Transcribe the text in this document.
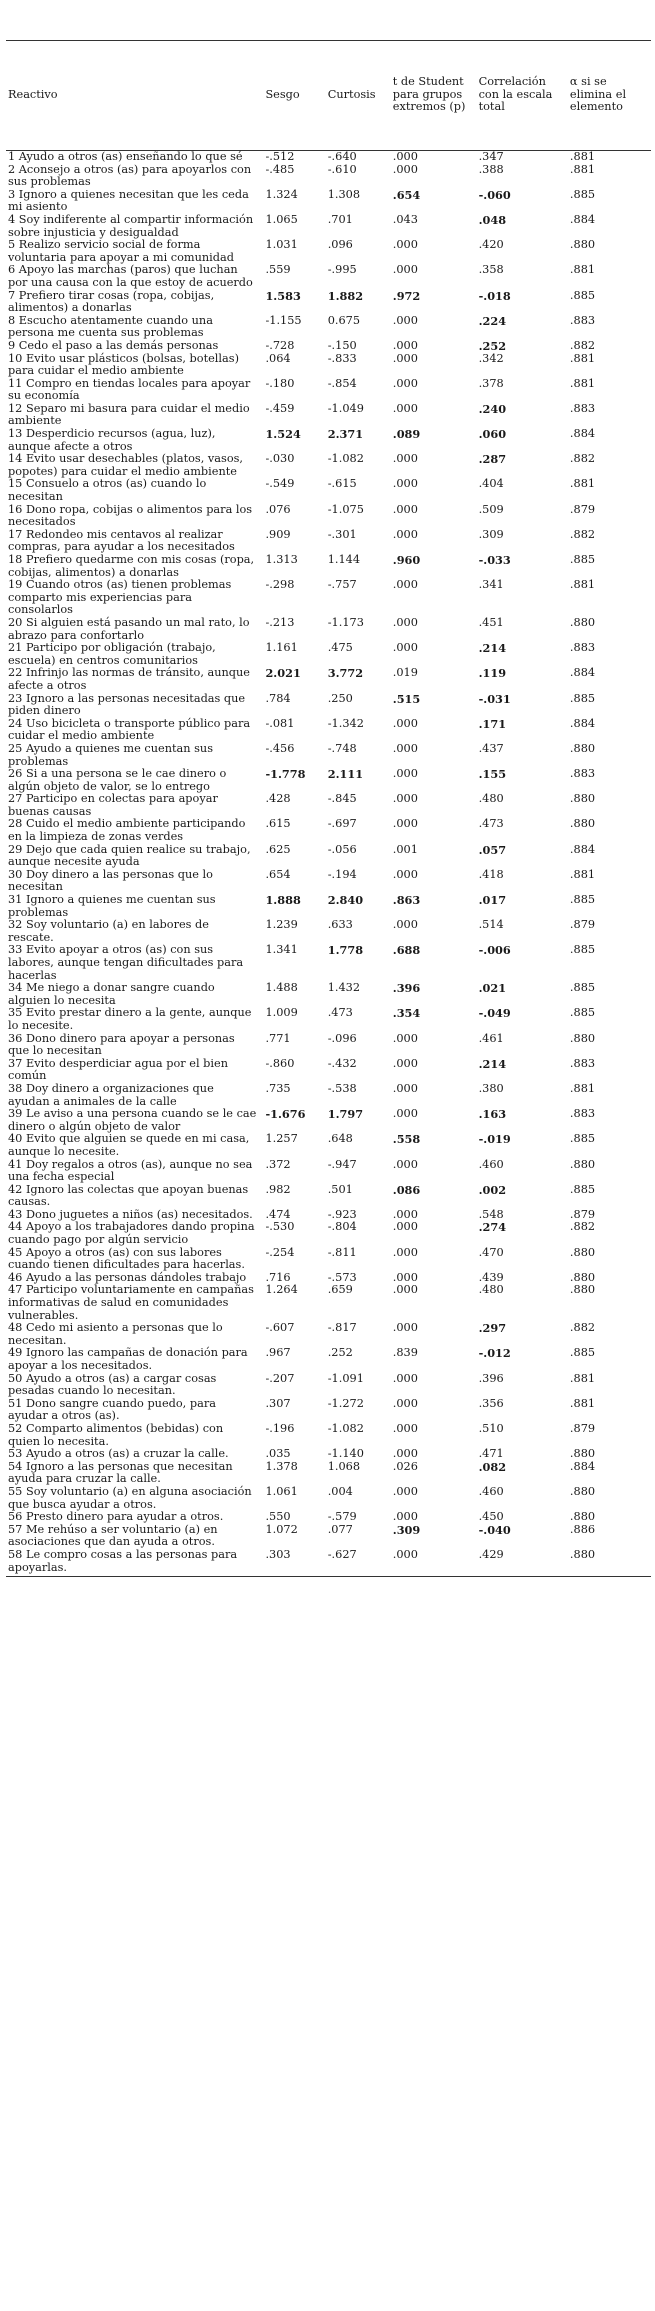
Reactivo	Sesgo	Curtosis	t de Student para grupos extremos (p)	Correlación con la escala total	α si se elimina el elemento
1 Ayudo a otros (as) enseñando lo que sé	-.512	-.640	.000	.347	.881
2 Aconsejo a otros (as) para apoyarlos con sus problemas	-.485	-.610	.000	.388	.881
3 Ignoro a quienes necesitan que les ceda mi asiento	1.324	1.308	.654	-.060	.885
4 Soy indiferente al compartir información sobre injusticia y desigualdad	1.065	.701	.043	.048	.884
5 Realizo servicio social de forma voluntaria para apoyar a mi comunidad	1.031	.096	.000	.420	.880
6 Apoyo las marchas (paros) que luchan por una causa con la que estoy de acuerdo	.559	-.995	.000	.358	.881
7 Prefiero tirar cosas (ropa, cobijas, alimentos) a donarlas	1.583	1.882	.972	-.018	.885
8 Escucho atentamente cuando una persona me cuenta sus problemas	-1.155	0.675	.000	.224	.883
9 Cedo el paso a las demás personas	-.728	-.150	.000	.252	.882
10 Evito usar plásticos (bolsas, botellas) para cuidar el medio ambiente	.064	-.833	.000	.342	.881
11 Compro en tiendas locales para apoyar su economía	-.180	-.854	.000	.378	.881
12 Separo mi basura para cuidar el medio ambiente	-.459	-1.049	.000	.240	.883
13 Desperdicio recursos (agua, luz), aunque afecte a otros	1.524	2.371	.089	.060	.884
14 Evito usar desechables (platos, vasos, popotes) para cuidar el medio ambiente	-.030	-1.082	.000	.287	.882
15 Consuelo a otros (as) cuando lo necesitan	-.549	-.615	.000	.404	.881
16 Dono ropa, cobijas o alimentos para los necesitados	.076	-1.075	.000	.509	.879
17 Redondeo mis centavos al realizar compras, para ayudar a los necesitados	.909	-.301	.000	.309	.882
18 Prefiero quedarme con mis cosas (ropa, cobijas, alimentos) a donarlas	1.313	1.144	.960	-.033	.885
19 Cuando otros (as) tienen problemas comparto mis experiencias para consolarlos	-.298	-.757	.000	.341	.881
20 Si alguien está pasando un mal rato, lo abrazo para confortarlo	-.213	-1.173	.000	.451	.880
21 Participo por obligación (trabajo, escuela) en centros comunitarios	1.161	.475	.000	.214	.883
22 Infrinjo las normas de tránsito, aunque afecte a otros	2.021	3.772	.019	.119	.884
23 Ignoro a las personas necesitadas que piden dinero	.784	.250	.515	-.031	.885
24 Uso bicicleta o transporte público para cuidar el medio ambiente	-.081	-1.342	.000	.171	.884
25 Ayudo a quienes me cuentan sus problemas	-.456	-.748	.000	.437	.880
26 Si a una persona se le cae dinero o algún objeto de valor, se lo entrego	-1.778	2.111	.000	.155	.883
27 Participo en colectas para apoyar buenas causas	.428	-.845	.000	.480	.880
28 Cuido el medio ambiente participando en la limpieza de zonas verdes	.615	-.697	.000	.473	.880
29 Dejo que cada quien realice su trabajo, aunque necesite ayuda	.625	-.056	.001	.057	.884
30 Doy dinero a las personas que lo necesitan	.654	-.194	.000	.418	.881
31 Ignoro a quienes me cuentan sus problemas	1.888	2.840	.863	.017	.885
32 Soy voluntario (a) en labores de rescate.	1.239	.633	.000	.514	.879
33 Evito apoyar a otros (as) con sus labores, aunque tengan dificultades para hacerlas	1.341	1.778	.688	-.006	.885
34 Me niego a donar sangre cuando alguien lo necesita	1.488	1.432	.396	.021	.885
35 Evito prestar dinero a la gente, aunque lo necesite.	1.009	.473	.354	-.049	.885
36 Dono dinero para apoyar a personas que lo necesitan	.771	-.096	.000	.461	.880
37 Evito desperdiciar agua por el bien común	-.860	-.432	.000	.214	.883
38 Doy dinero a organizaciones que ayudan a animales de la calle	.735	-.538	.000	.380	.881
39 Le aviso a una persona cuando se le cae dinero o algún objeto de valor	-1.676	1.797	.000	.163	.883
40 Evito que alguien se quede en mi casa, aunque lo necesite.	1.257	.648	.558	-.019	.885
41 Doy regalos a otros (as), aunque no sea una fecha especial	.372	-.947	.000	.460	.880
42 Ignoro las colectas que apoyan buenas causas.	.982	.501	.086	.002	.885
43 Dono juguetes a niños (as) necesitados.	.474	-.923	.000	.548	.879
44 Apoyo a los trabajadores dando propina cuando pago por algún servicio	-.530	-.804	.000	.274	.882
45 Apoyo a otros (as) con sus labores cuando tienen dificultades para hacerlas.	-.254	-.811	.000	.470	.880
46 Ayudo a las personas dándoles trabajo	.716	-.573	.000	.439	.880
47 Participo voluntariamente en campañas informativas de salud en comunidades vulnerables.	1.264	.659	.000	.480	.880
48 Cedo mi asiento a personas que lo necesitan.	-.607	-.817	.000	.297	.882
49 Ignoro las campañas de donación para apoyar a los necesitados.	.967	.252	.839	-.012	.885
50 Ayudo a otros (as) a cargar cosas pesadas cuando lo necesitan.	-.207	-1.091	.000	.396	.881
51 Dono sangre cuando puedo, para ayudar a otros (as).	.307	-1.272	.000	.356	.881
52 Comparto alimentos (bebidas) con quien lo necesita.	-.196	-1.082	.000	.510	.879
53 Ayudo a otros (as) a cruzar la calle.	.035	-1.140	.000	.471	.880
54 Ignoro a las personas que necesitan ayuda para cruzar la calle.	1.378	1.068	.026	.082	.884
55 Soy voluntario (a) en alguna asociación que busca ayudar a otros.	1.061	.004	.000	.460	.880
56 Presto dinero para ayudar a otros.	.550	-.579	.000	.450	.880
57 Me rehúso a ser voluntario (a) en asociaciones que dan ayuda a otros.	1.072	.077	.309	-.040	.886
58 Le compro cosas a las personas para apoyarlas.	.303	-.627	.000	.429	.880
